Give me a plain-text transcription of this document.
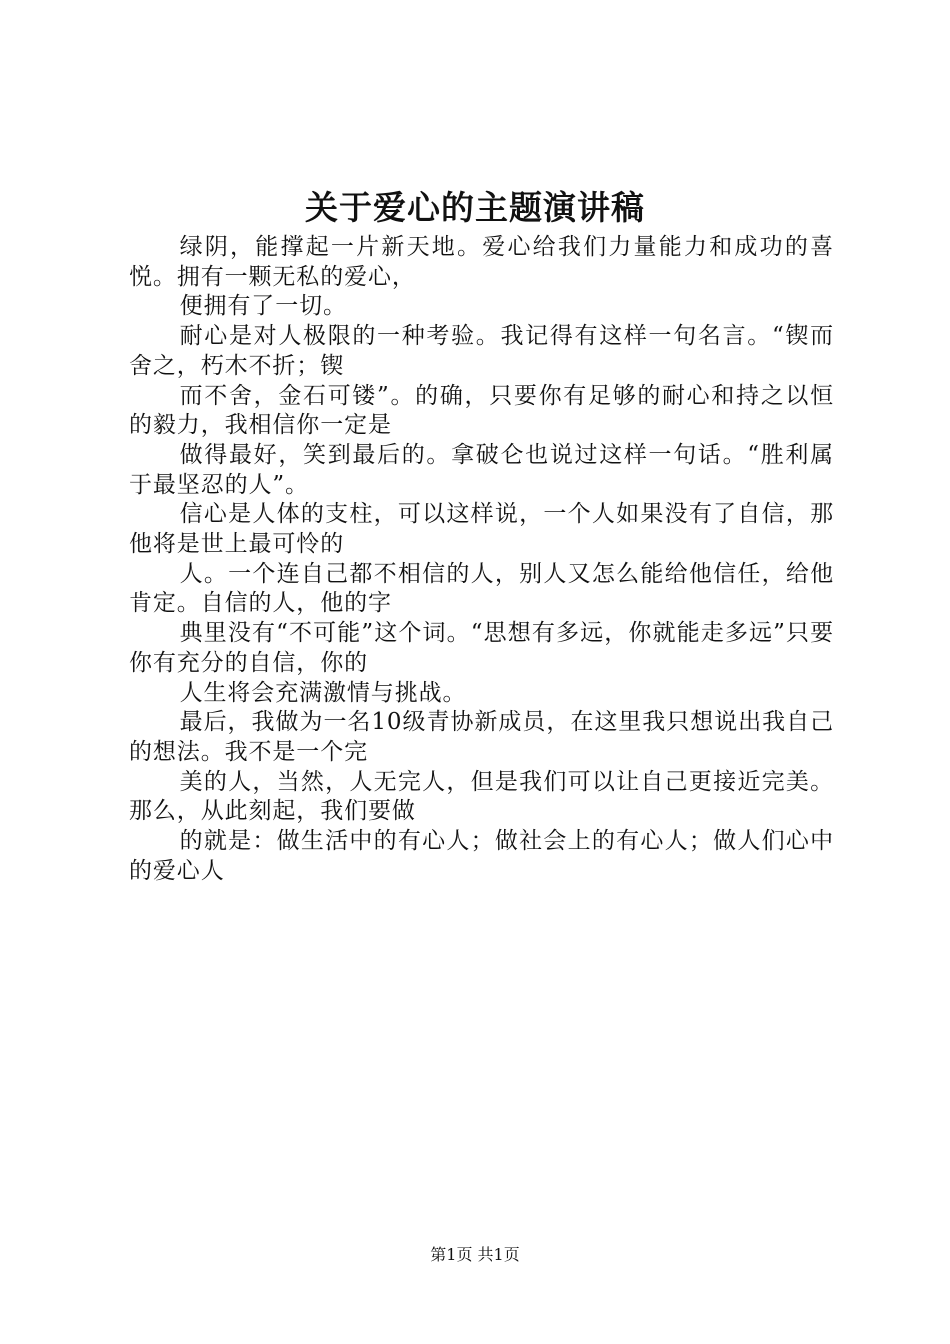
关于爱心的主题演讲稿

绿阴，能撑起一片新天地。爱心给我们力量能力和成功的喜悦。拥有一颗无私的爱心，

便拥有了一切。

耐心是对人极限的一种考验。我记得有这样一句名言。“锲而舍之，朽木不折；锲

而不舍，金石可镂”。的确，只要你有足够的耐心和持之以恒的毅力，我相信你一定是

做得最好，笑到最后的。拿破仑也说过这样一句话。“胜利属于最坚忍的人”。

信心是人体的支柱，可以这样说，一个人如果没有了自信，那他将是世上最可怜的

人。一个连自己都不相信的人，别人又怎么能给他信任，给他肯定。自信的人，他的字

典里没有“不可能”这个词。“思想有多远，你就能走多远”只要你有充分的自信，你的

人生将会充满激情与挑战。

最后，我做为一名10级青协新成员，在这里我只想说出我自己的想法。我不是一个完

美的人，当然，人无完人，但是我们可以让自己更接近完美。那么，从此刻起，我们要做

的就是：做生活中的有心人；做社会上的有心人；做人们心中的爱心人

第1页 共1页
